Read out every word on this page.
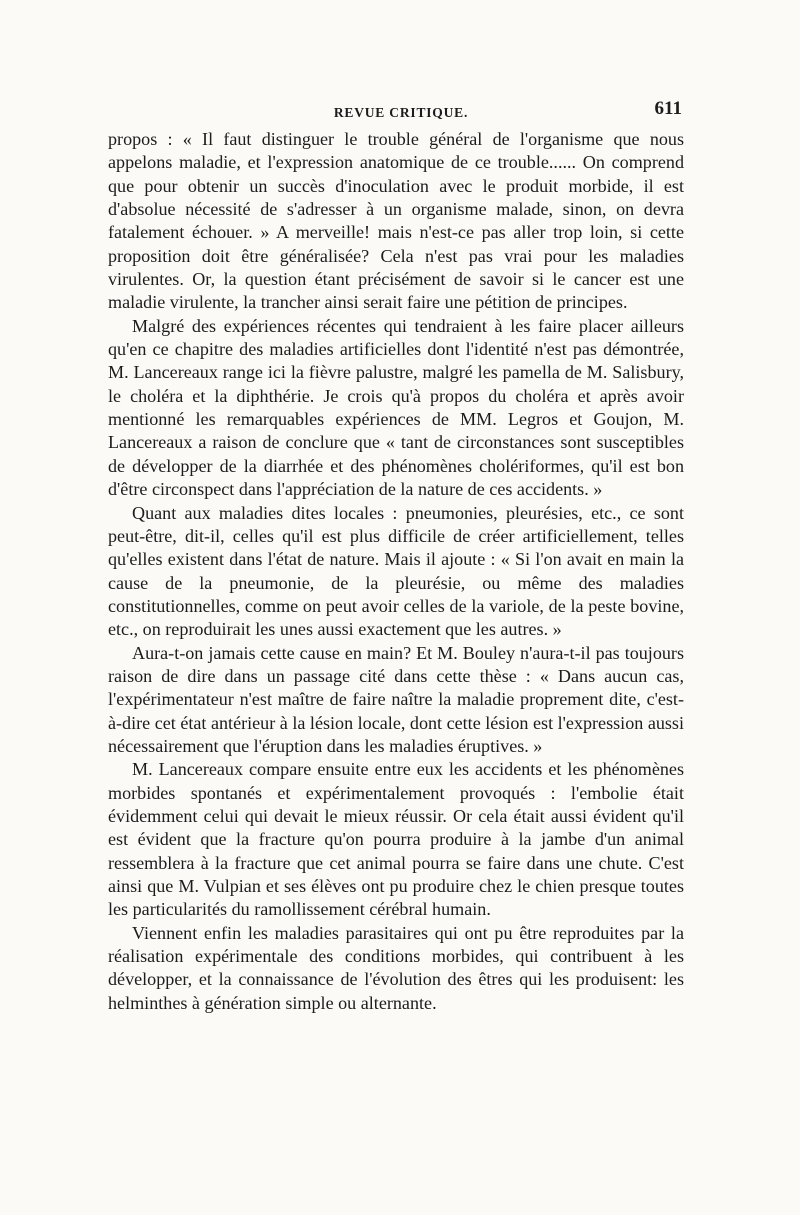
REVUE CRITIQUE.	611

propos : « Il faut distinguer le trouble général de l'organisme que nous appelons maladie, et l'expression anatomique de ce trouble...... On comprend que pour obtenir un succès d'inoculation avec le produit morbide, il est d'absolue nécessité de s'adresser à un organisme malade, sinon, on devra fatalement échouer. » A merveille! mais n'est-ce pas aller trop loin, si cette proposition doit être généralisée? Cela n'est pas vrai pour les maladies virulentes. Or, la question étant précisément de savoir si le cancer est une maladie virulente, la trancher ainsi serait faire une pétition de principes.

Malgré des expériences récentes qui tendraient à les faire placer ailleurs qu'en ce chapitre des maladies artificielles dont l'identité n'est pas démontrée, M. Lancereaux range ici la fièvre palustre, malgré les pamella de M. Salisbury, le choléra et la diphthérie. Je crois qu'à propos du choléra et après avoir mentionné les remarquables expériences de MM. Legros et Goujon, M. Lancereaux a raison de conclure que « tant de circonstances sont susceptibles de développer de la diarrhée et des phénomènes cholériformes, qu'il est bon d'être circonspect dans l'appréciation de la nature de ces accidents. »

Quant aux maladies dites locales : pneumonies, pleurésies, etc., ce sont peut-être, dit-il, celles qu'il est plus difficile de créer artificiellement, telles qu'elles existent dans l'état de nature. Mais il ajoute : « Si l'on avait en main la cause de la pneumonie, de la pleurésie, ou même des maladies constitutionnelles, comme on peut avoir celles de la variole, de la peste bovine, etc., on reproduirait les unes aussi exactement que les autres. »

Aura-t-on jamais cette cause en main? Et M. Bouley n'aura-t-il pas toujours raison de dire dans un passage cité dans cette thèse : « Dans aucun cas, l'expérimentateur n'est maître de faire naître la maladie proprement dite, c'est-à-dire cet état antérieur à la lésion locale, dont cette lésion est l'expression aussi nécessairement que l'éruption dans les maladies éruptives. »

M. Lancereaux compare ensuite entre eux les accidents et les phénomènes morbides spontanés et expérimentalement provoqués : l'embolie était évidemment celui qui devait le mieux réussir. Or cela était aussi évident qu'il est évident que la fracture qu'on pourra produire à la jambe d'un animal ressemblera à la fracture que cet animal pourra se faire dans une chute. C'est ainsi que M. Vulpian et ses élèves ont pu produire chez le chien presque toutes les particularités du ramollissement cérébral humain.

Viennent enfin les maladies parasitaires qui ont pu être reproduites par la réalisation expérimentale des conditions morbides, qui contribuent à les développer, et la connaissance de l'évolution des êtres qui les produisent: les helminthes à génération simple ou alternante.
